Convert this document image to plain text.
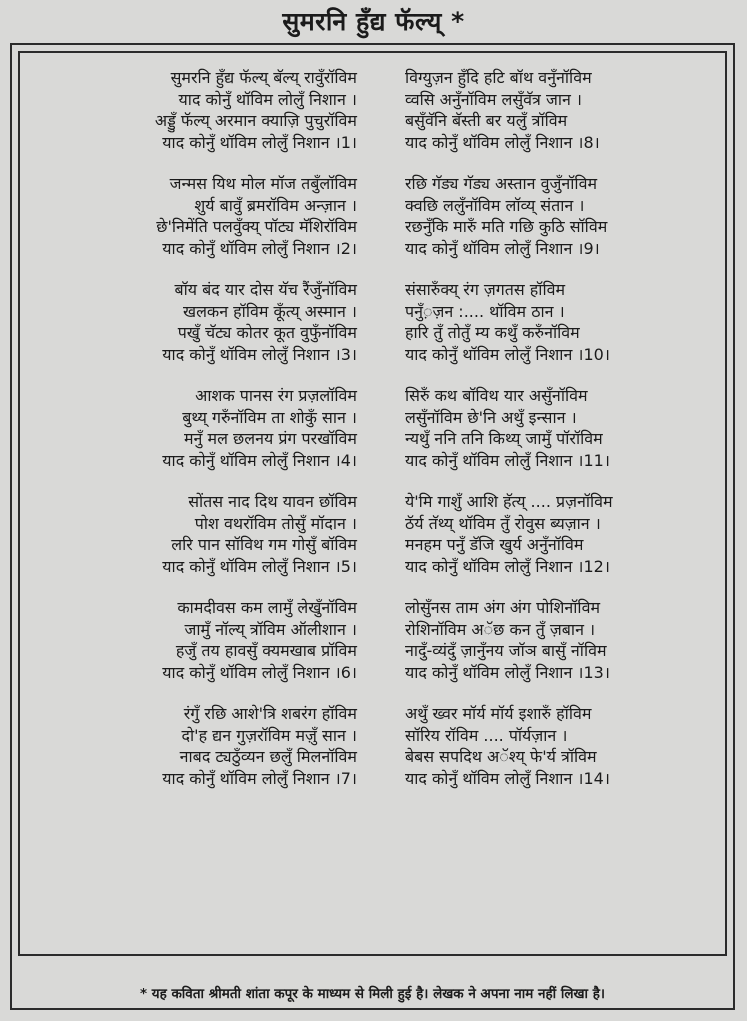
सुमरनि हुँद्य फॅल्य् *
सुमरनि हुँद्य फॅल्य् बॅल्य् रावुँरॉविम
याद कोनुँ थॉविम लोलुँ निशान ।
अड्डुँ फॅल्य् अरमान क्याज़ि पुचुरॉविम
याद कोनुँ थॉविम लोलुँ निशान ।1।
जन्मस यिथ मोल मॉज तबुँलॉविम
शुर्य बावुँ ब्रमरॉविम अन्ज़ान ।
छे'निमेंति पलवुँक्य् पॉट्य मॅशिरॉविम
याद कोनुँ थॉविम लोलुँ निशान ।2।
बॉय बंद यार दोस यॅच रैंजुँनॉविम
खलकन हॉविम कूँत्य् अस्मान ।
पखुँ चॅट्य कोतर कूत वुफुँनॉविम
याद कोनुँ थॉविम लोलुँ निशान ।3।
आशक पानस रंग प्रज़लॉविम
बुथ्य् गरुँनॉविम ता शोकुँ सान ।
मनुँ मल छलनय प्रंग परखॉविम
याद कोनुँ थॉविम लोलुँ निशान ।4।
सोंतस नाद दिथ यावन छॉविम
पोश वथरॉविम तोसुँ मॉदान ।
लरि पान सॉविथ गम गोसुँ बॉविम
याद कोनुँ थॉविम लोलुँ निशान ।5।
कामदीवस कम लामुँ लेखुँनॉविम
जामुँ नॉल्य् त्रॉविम ऑलीशान ।
हजुँ तय हावसुँ क्यमखाब प्रॉविम
याद कोनुँ थॉविम लोलुँ निशान ।6।
रंगुँ रछि आशे'त्रि शबरंग हॉविम
दो'ह द्यन गुज़रॉविम मज़ुँ सान ।
नाबद ट्यठुँव्यन छलुँ मिलनॉविम
याद कोनुँ थॉविम लोलुँ निशान ।7।
विग्युज़न हुँदि हटि बॉथ वनुँनॉविम
व्वसि अनुँनॉविम लसुँवॅत्र जान ।
बसुँवॅनि बॅस्ती बर यलुँ त्रॉविम
याद कोनुँ थॉविम लोलुँ निशान ।8।
रछि गॅड्य गॅड्य अस्तान वुजुँनॉविम
क्वछि ललुँनॉविम लॉव्य् संतान ।
रछनुँकि मारुँ मति गछि कुठि सॉविम
याद कोनुँ थॉविम लोलुँ निशान ।9।
संसारुँक्य् रंग ज़गतस हॉविम
पनुँ़ज़न :.... थॉविम ठान ।
हारि तुँ तोतुँ म्य कथुँ करुँनॉविम
याद कोनुँ थॉविम लोलुँ निशान ।10।
सिरुँ कथ बॉविथ यार असुँनॉविम
लसुँनॉविम छे'नि अथुँ इन्सान ।
न्यथुँ ननि तनि किथ्य् जामुँ पॉरॉविम
याद कोनुँ थॉविम लोलुँ निशान ।11।
ये'मि गाशुँ आशि हॅत्य् .... प्रज़नॉविम
ठॅर्य तॅथ्य् थॉविम तुँ रोवुस ब्यज़ान ।
मनहम पनुँ डॅजि खुर्य अनुँनॉविम
याद कोनुँ थॉविम लोलुँ निशान ।12।
लोसुँनस ताम अंग अंग पोशिनॉविम
रोशिनॉविम अॅछ कन तुँ ज़बान ।
नादुँ-व्यंदुँ ज़ानुँनय जॉञ बासुँ नॉविम
याद कोनुँ थॉविम लोलुँ निशान ।13।
अथुँ ख्वर मॉर्य मॉर्य इशारुँ हॉविम
सॉरिय रॉविम .... पॉर्यज़ान ।
बेबस सपदिथ अॅश्य् फे'र्य त्रॉविम
याद कोनुँ थॉविम लोलुँ निशान ।14।
* यह कविता श्रीमती शांता कपूर के माध्यम से मिली हुई है। लेखक ने अपना नाम नहीं लिखा है।
